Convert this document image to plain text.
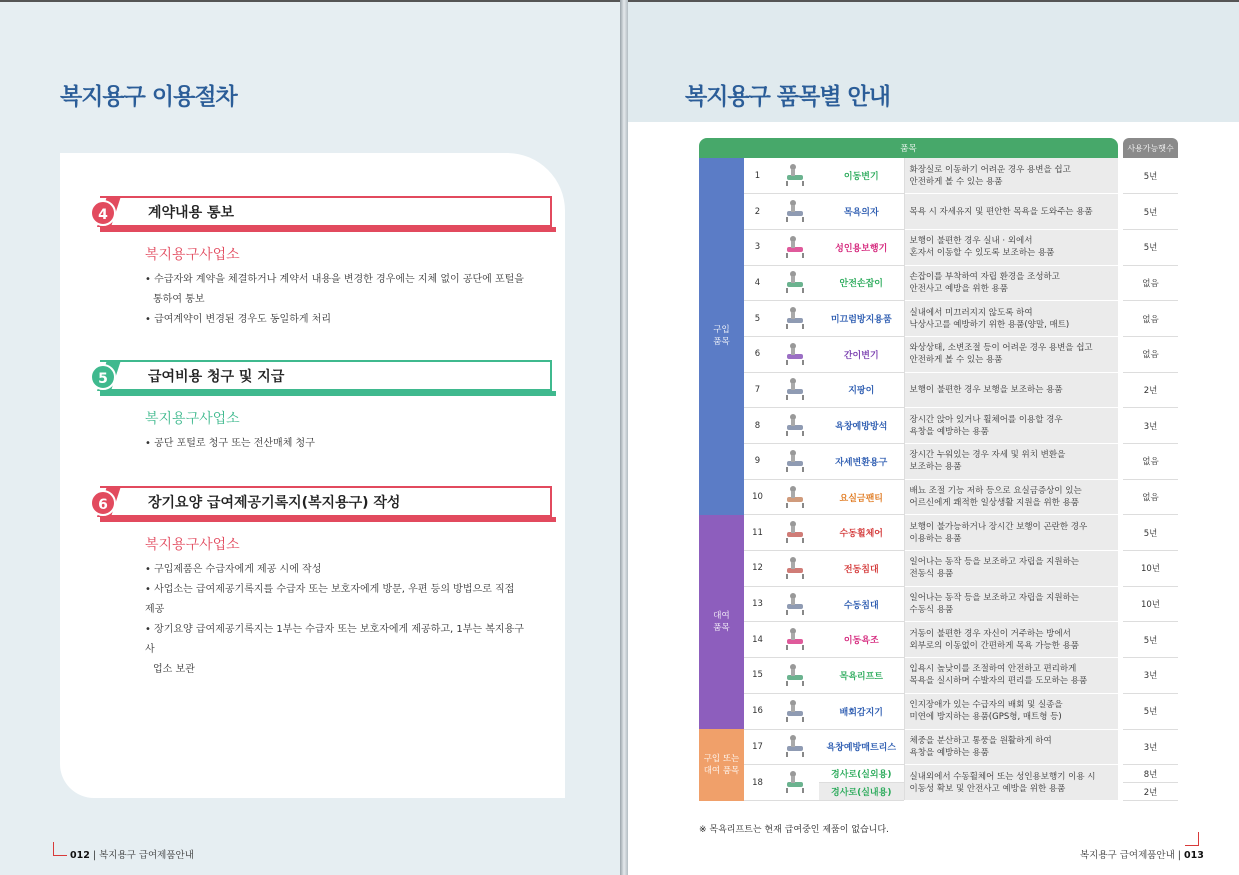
복지용구 이용절차
4	계약내용 통보
복지용구사업소
• 수급자와 계약을 체결하거나 계약서 내용을 변경한 경우에는 지체 없이 공단에 포털을
통하여 통보
• 급여계약이 변경된 경우도 동일하게 처리
5	급여비용 청구 및 지급
복지용구사업소
• 공단 포털로 청구 또는 전산매체 청구
6	장기요양 급여제공기록지(복지용구) 작성
복지용구사업소
• 구입제품은 수급자에게 제공 시에 작성
• 사업소는 급여제공기록지를 수급자 또는 보호자에게 방문, 우편 등의 방법으로 직접 제공
• 장기요양 급여제공기록지는 1부는 수급자 또는 보호자에게 제공하고, 1부는 복지용구사
업소 보관
012 | 복지용구 급여제품안내
복지용구 품목별 안내
품목						사용가능햇수
구입
품목	1		이동변기	화장실로 이동하기 어려운 경우 용변을 쉽고
안전하게 볼 수 있는 용품		5년
	2		목욕의자	목욕 시 자세유지 및 편안한 목욕을 도와주는 용품		5년
	3		성인용보행기	보행이 불편한 경우 실내 · 외에서
혼자서 이동할 수 있도록 보조하는 용품		5년
	4		안전손잡이	손잡이를 부착하여 자립 환경을 조성하고
안전사고 예방을 위한 용품		없음
	5		미끄럼방지용품	실내에서 미끄러지지 않도록 하여
낙상사고를 예방하기 위한 용품(양말, 매트)		없음
	6		간이변기	와상상태, 소변조절 등이 어려운 경우 용변을 쉽고
안전하게 볼 수 있는 용품		없음
	7		지팡이	보행이 불편한 경우 보행을 보조하는 용품		2년
	8		욕창예방방석	장시간 앉아 있거나 휠체어를 이용할 경우
욕창을 예방하는 용품		3년
	9		자세변환용구	장시간 누워있는 경우 자세 및 위치 변환을
보조하는 용품		없음
	10		요실금팬티	배뇨 조절 기능 저하 등으로 요실금증상이 있는
어르신에게 쾌적한 일상생활 지원을 위한 용품		없음
대여
품목	11		수동휠체어	보행이 불가능하거나 장시간 보행이 곤란한 경우
이용하는 용품		5년
	12		전동침대	일어나는 동작 등을 보조하고 자립을 지원하는
전동식 용품		10년
	13		수동침대	일어나는 동작 등을 보조하고 자립을 지원하는
수동식 용품		10년
	14		이동욕조	거동이 불편한 경우 자신이 거주하는 방에서
외부로의 이동없이 간편하게 목욕 가능한 용품		5년
	15		목욕리프트	입욕시 높낮이를 조절하여 안전하고 편리하게
목욕을 실시하며 수발자의 편리를 도모하는 용품		3년
	16		배회감지기	인지장애가 있는 수급자의 배회 및 실종을
미연에 방지하는 용품(GPS형, 매트형 등)		5년
구입 또는
대여 품목	17		욕창예방매트리스	체중을 분산하고 통풍을 원활하게 하여
욕창을 예방하는 용품		3년
	18		경사로(실외용)	실내외에서 수동휠체어 또는 성인용보행기 이용 시
이동성 확보 및 안전사고 예방을 위한 용품		8년
			경사로(실내용)			2년
※ 목욕리프트는 현재 급여중인 제품이 없습니다.
복지용구 급여제품안내 | 013
